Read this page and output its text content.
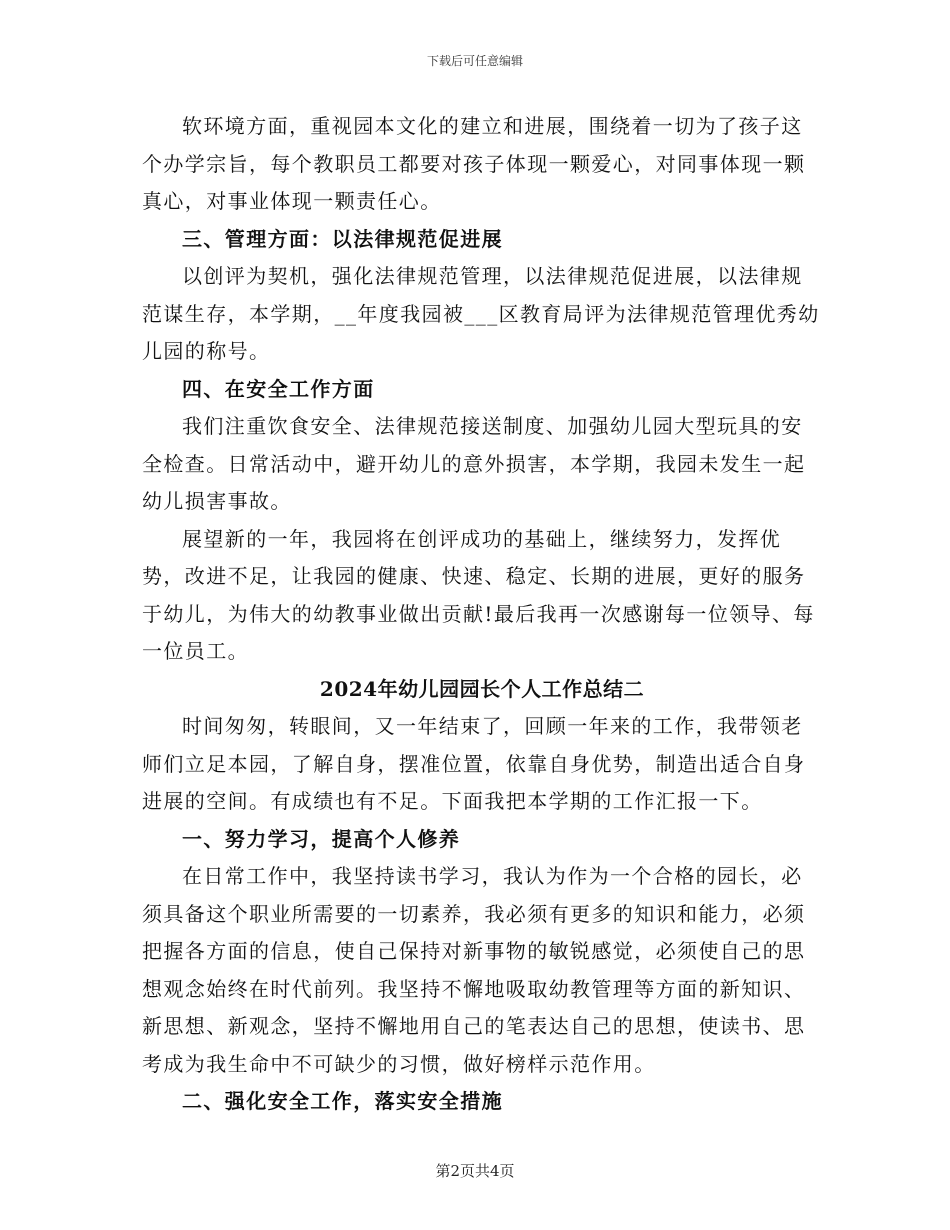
下载后可任意编辑

软环境方面，重视园本文化的建立和进展，围绕着一切为了孩子这个办学宗旨，每个教职员工都要对孩子体现一颗爱心，对同事体现一颗真心，对事业体现一颗责任心。

三、管理方面：以法律规范促进展

以创评为契机，强化法律规范管理，以法律规范促进展，以法律规范谋生存，本学期，__年度我园被___区教育局评为法律规范管理优秀幼儿园的称号。

四、在安全工作方面

我们注重饮食安全、法律规范接送制度、加强幼儿园大型玩具的安全检查。日常活动中，避开幼儿的意外损害，本学期，我园未发生一起幼儿损害事故。

展望新的一年，我园将在创评成功的基础上，继续努力，发挥优势，改进不足，让我园的健康、快速、稳定、长期的进展，更好的服务于幼儿，为伟大的幼教事业做出贡献!最后我再一次感谢每一位领导、每一位员工。

2024年幼儿园园长个人工作总结二

时间匆匆，转眼间，又一年结束了，回顾一年来的工作，我带领老师们立足本园，了解自身，摆准位置，依靠自身优势，制造出适合自身进展的空间。有成绩也有不足。下面我把本学期的工作汇报一下。

一、努力学习，提高个人修养

在日常工作中，我坚持读书学习，我认为作为一个合格的园长，必须具备这个职业所需要的一切素养，我必须有更多的知识和能力，必须把握各方面的信息，使自己保持对新事物的敏锐感觉，必须使自己的思想观念始终在时代前列。我坚持不懈地吸取幼教管理等方面的新知识、新思想、新观念，坚持不懈地用自己的笔表达自己的思想，使读书、思考成为我生命中不可缺少的习惯，做好榜样示范作用。

二、强化安全工作，落实安全措施

第2页共4页
